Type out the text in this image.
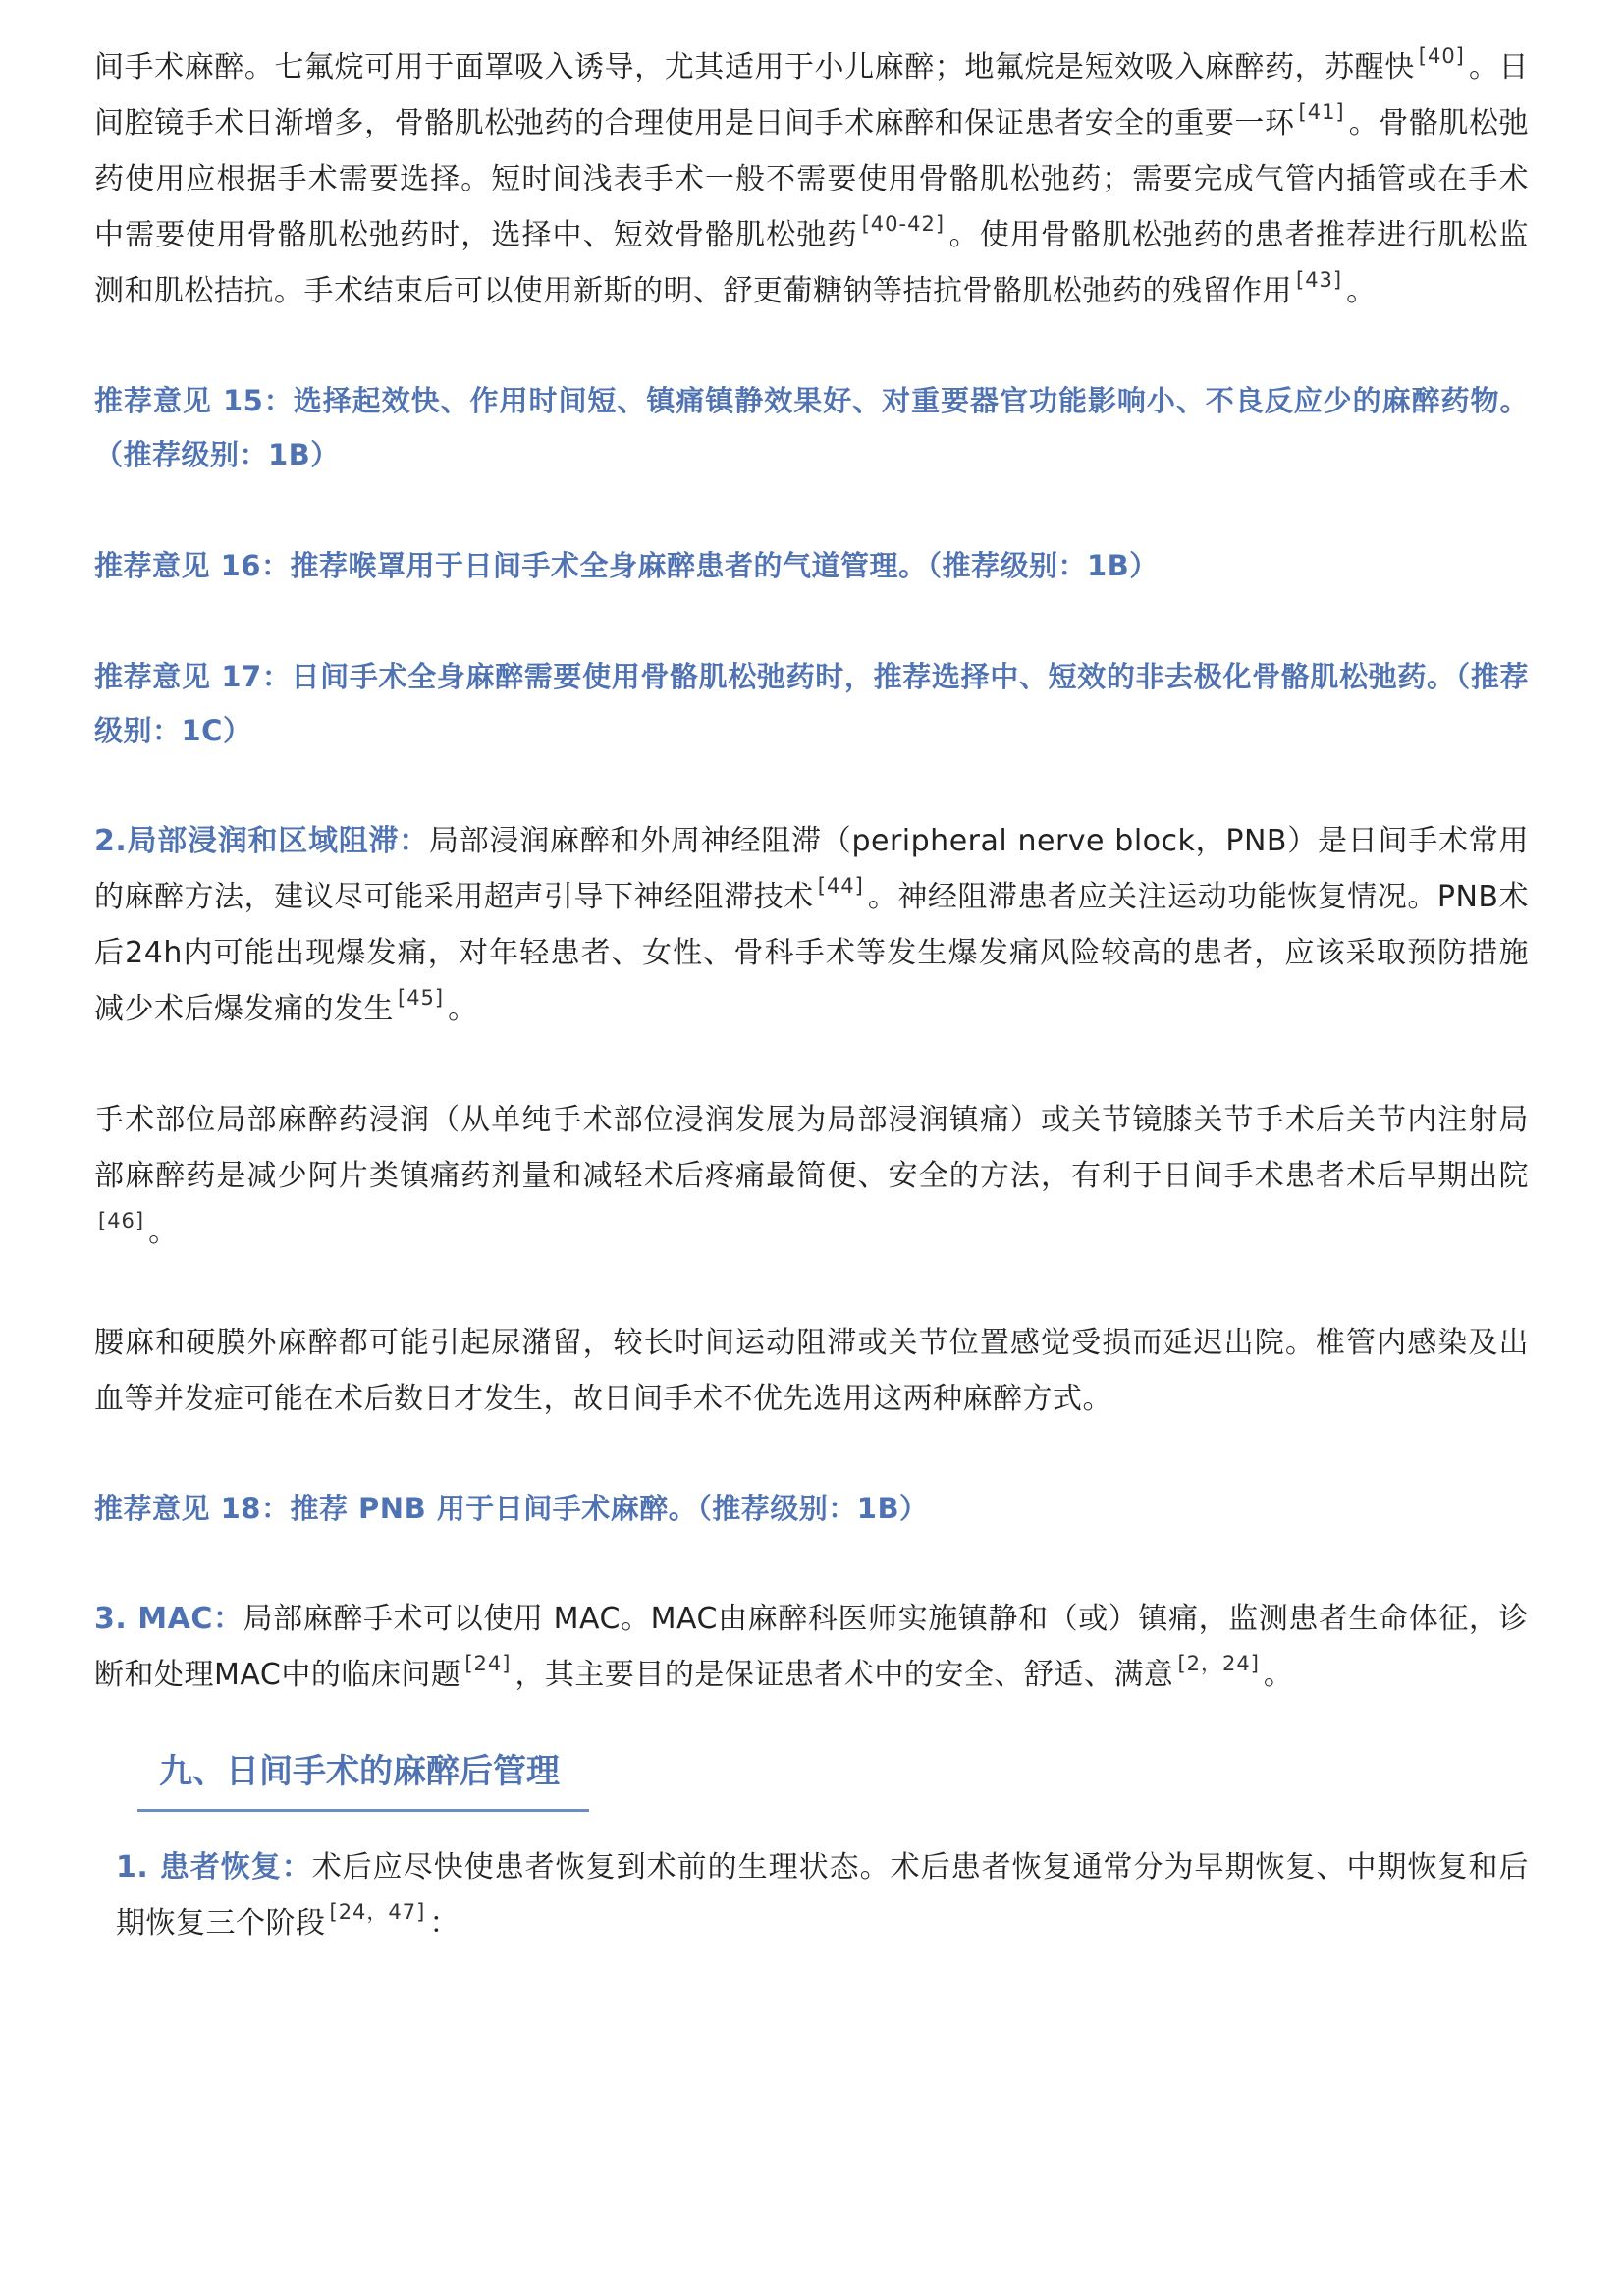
间手术麻醉。七氟烷可用于面罩吸入诱导，尤其适用于小儿麻醉；地氟烷是短效吸入麻醉药，苏醒快 [40] 。日间腔镜手术日渐增多，骨骼肌松弛药的合理使用是日间手术麻醉和保证患者安全的重要一环 [41] 。骨骼肌松弛药使用应根据手术需要选择。短时间浅表手术一般不需要使用骨骼肌松弛药；需要完成气管内插管或在手术中需要使用骨骼肌松弛药时，选择中、短效骨骼肌松弛药 [40-42] 。使用骨骼肌松弛药的患者推荐进行肌松监测和肌松拮抗。手术结束后可以使用新斯的明、舒更葡糖钠等拮抗骨骼肌松弛药的残留作用 [43] 。

推荐意见 15：选择起效快、作用时间短、镇痛镇静效果好、对重要器官功能影响小、不良反应少的麻醉药物。（推荐级别：1B）

推荐意见 16：推荐喉罩用于日间手术全身麻醉患者的气道管理。（推荐级别：1B）

推荐意见 17：日间手术全身麻醉需要使用骨骼肌松弛药时，推荐选择中、短效的非去极化骨骼肌松弛药。（推荐级别：1C）

2.局部浸润和区域阻滞：局部浸润麻醉和外周神经阻滞（peripheral nerve block，PNB）是日间手术常用的麻醉方法，建议尽可能采用超声引导下神经阻滞技术 [44] 。神经阻滞患者应关注运动功能恢复情况。PNB术后24h内可能出现爆发痛，对年轻患者、女性、骨科手术等发生爆发痛风险较高的患者，应该采取预防措施减少术后爆发痛的发生 [45] 。

手术部位局部麻醉药浸润（从单纯手术部位浸润发展为局部浸润镇痛）或关节镜膝关节手术后关节内注射局部麻醉药是减少阿片类镇痛药剂量和减轻术后疼痛最简便、安全的方法，有利于日间手术患者术后早期出院[46] 。

腰麻和硬膜外麻醉都可能引起尿潴留，较长时间运动阻滞或关节位置感觉受损而延迟出院。椎管内感染及出血等并发症可能在术后数日才发生，故日间手术不优先选用这两种麻醉方式。

推荐意见 18：推荐 PNB 用于日间手术麻醉。（推荐级别：1B）

3. MAC：局部麻醉手术可以使用 MAC。MAC由麻醉科医师实施镇静和（或）镇痛，监测患者生命体征，诊断和处理MAC中的临床问题 [24] ，其主要目的是保证患者术中的安全、舒适、满意 [2，24] 。

九、日间手术的麻醉后管理

1. 患者恢复：术后应尽快使患者恢复到术前的生理状态。术后患者恢复通常分为早期恢复、中期恢复和后期恢复三个阶段 [24，47] ：
